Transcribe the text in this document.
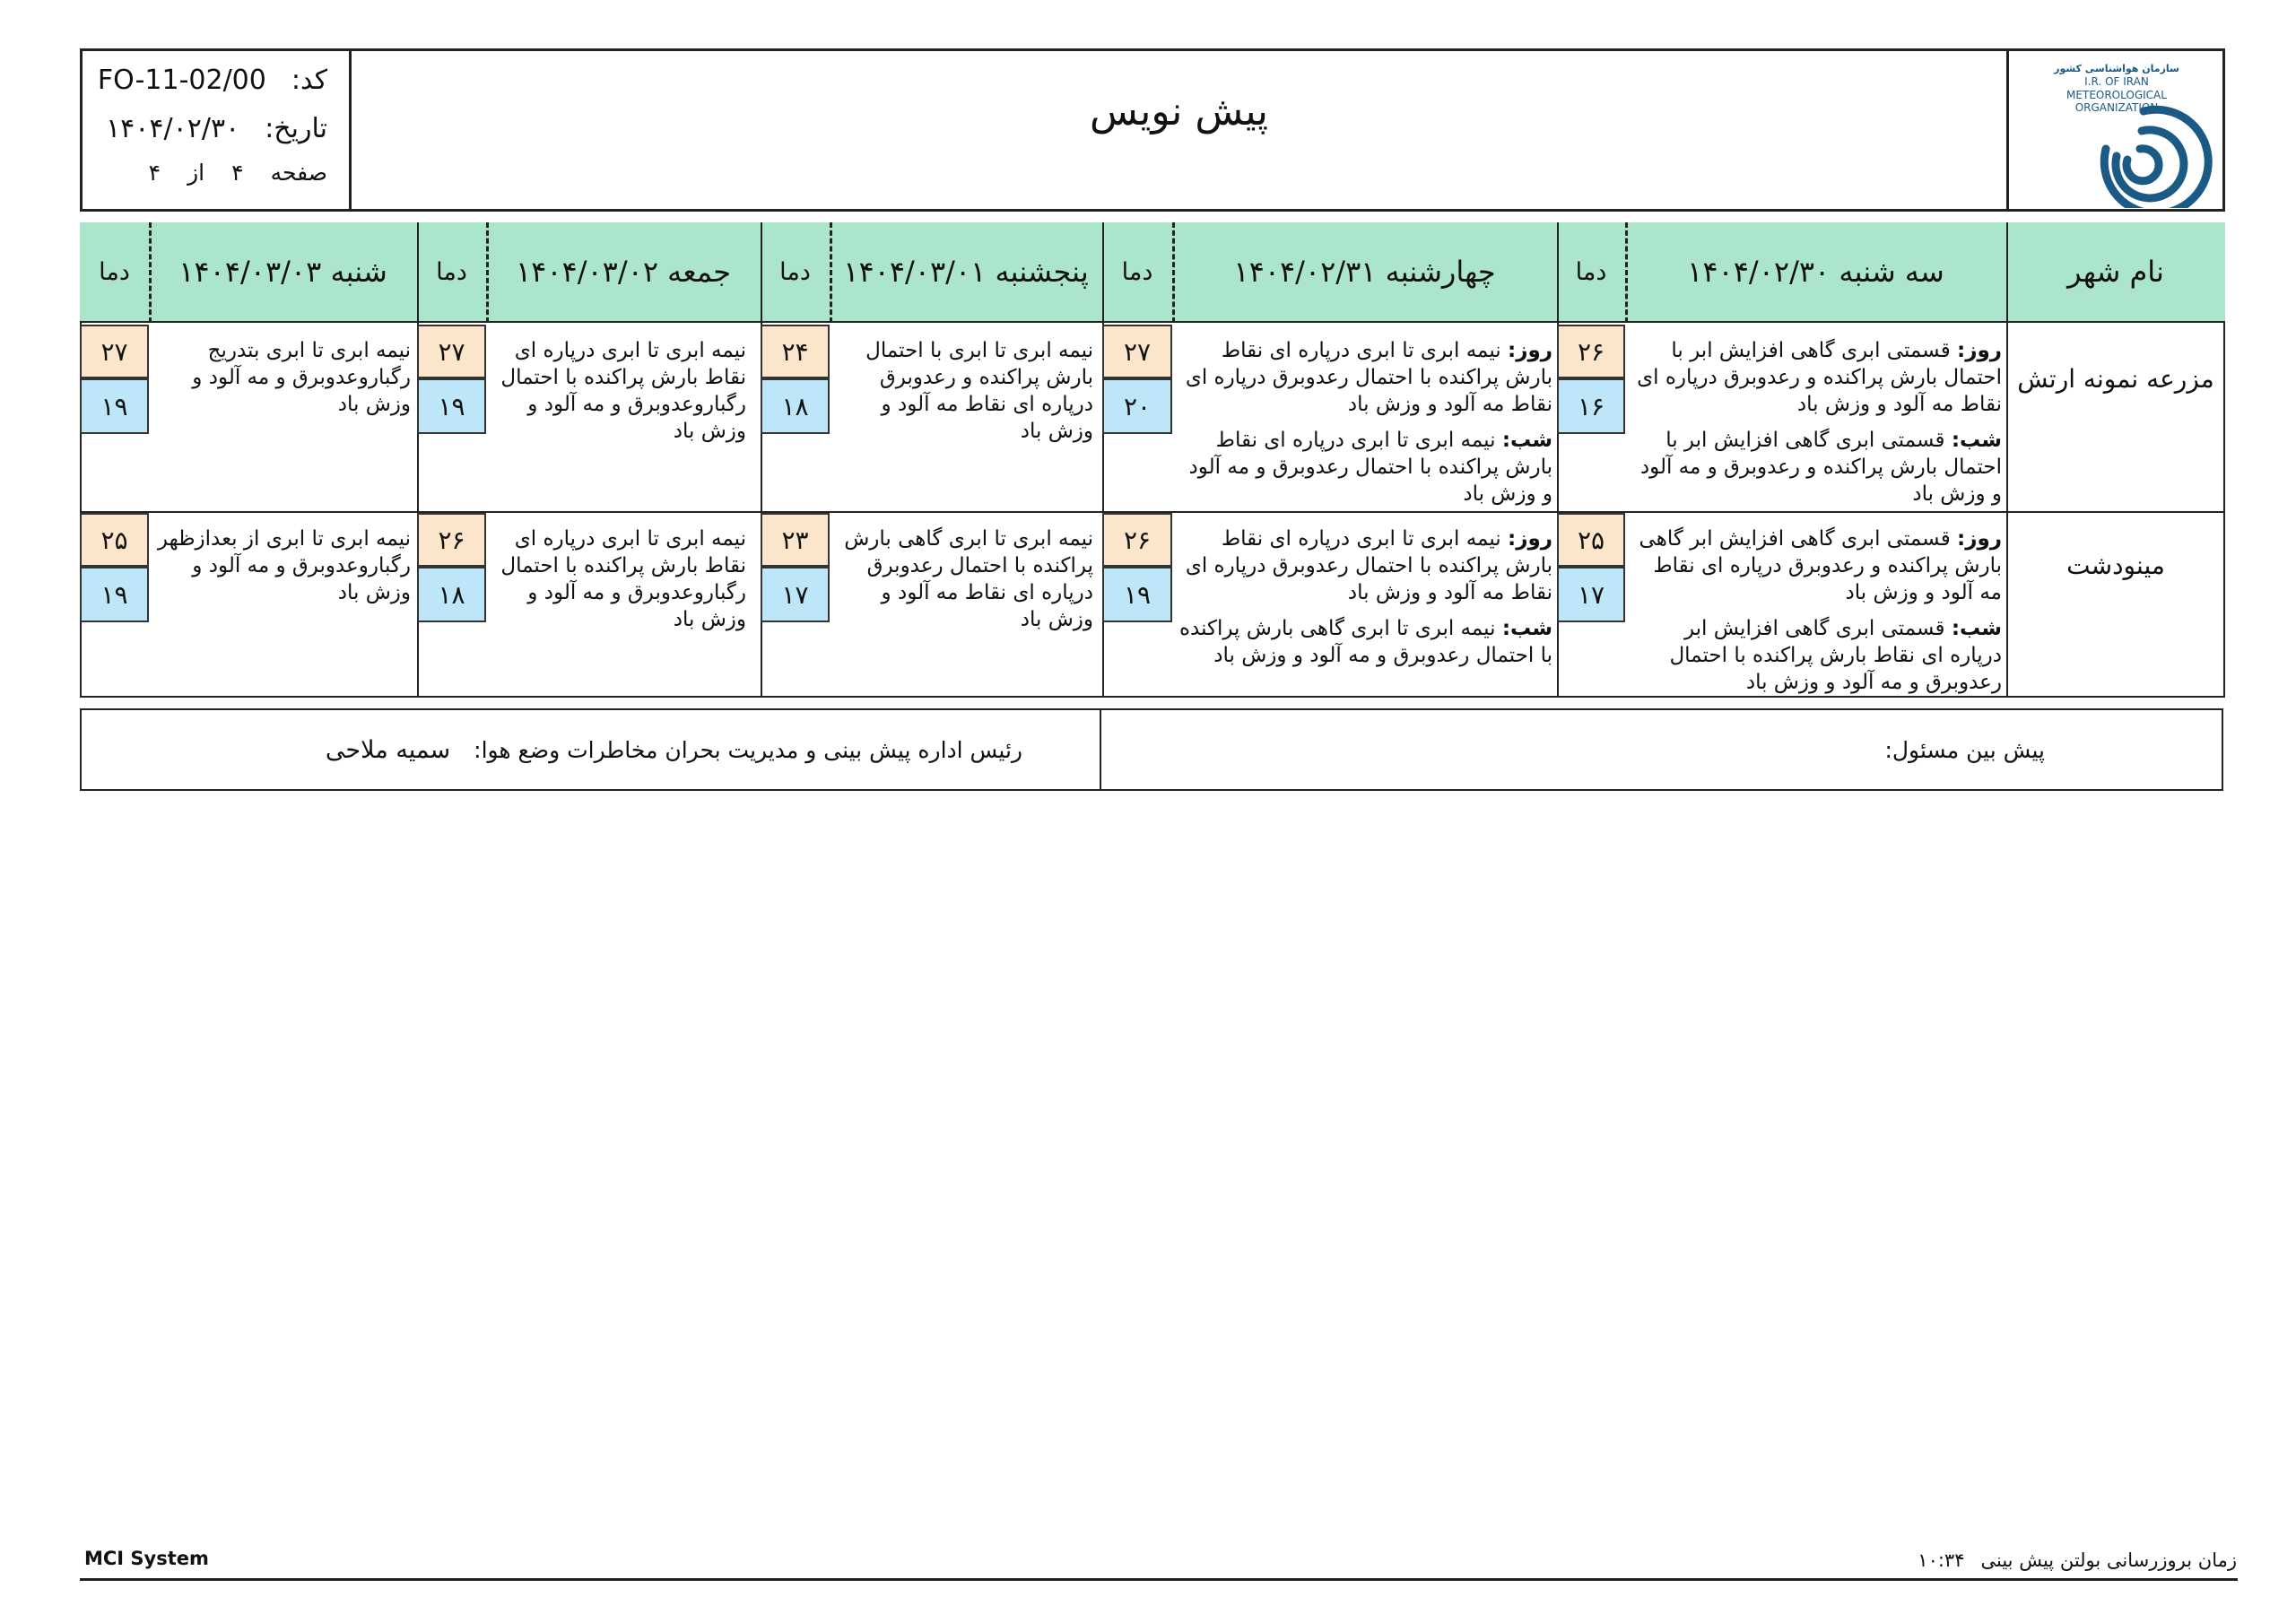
سازمان هواشناسی کشور
I.R. OF IRAN
METEOROLOGICAL
ORGANIZATION
کد:
FO-11-02/00
تاریخ:
۱۴۰۴/۰۲/۳۰
صفحه
۴
از
۴
پیش نویس
نام شهر
سه شنبه ۱۴۰۴/۰۲/۳۰
دما
چهارشنبه ۱۴۰۴/۰۲/۳۱
دما
پنجشنبه ۱۴۰۴/۰۳/۰۱
دما
جمعه ۱۴۰۴/۰۳/۰۲
دما
شنبه ۱۴۰۴/۰۳/۰۳
دما
مزرعه نمونه ارتش
روز: قسمتی ابری گاهی افزایش ابر با احتمال بارش پراکنده و رعدوبرق درپاره ای نقاط مه آلود و وزش باد
شب: قسمتی ابری گاهی افزایش ابر با احتمال بارش پراکنده و رعدوبرق و مه آلود و وزش باد
۲۶
۱۶
روز: نیمه ابری تا ابری درپاره ای نقاط بارش پراکنده با احتمال رعدوبرق درپاره ای نقاط مه آلود و وزش باد
شب: نیمه ابری تا ابری درپاره ای نقاط بارش پراکنده با احتمال رعدوبرق و مه آلود و وزش باد
۲۷
۲۰
نیمه ابری تا ابری با احتمال بارش پراکنده و رعدوبرق درپاره ای نقاط مه آلود و وزش باد
۲۴
۱۸
نیمه ابری تا ابری درپاره ای نقاط بارش پراکنده با احتمال رگباروعدوبرق و مه آلود و وزش باد
۲۷
۱۹
نیمه ابری تا ابری بتدریج رگباروعدوبرق و مه آلود و وزش باد
۲۷
۱۹
مینودشت
روز: قسمتی ابری گاهی افزایش ابر گاهی بارش پراکنده و رعدوبرق درپاره ای نقاط مه آلود و وزش باد
شب: قسمتی ابری گاهی افزایش ابر درپاره ای نقاط بارش پراکنده با احتمال رعدوبرق و مه آلود و وزش باد
۲۵
۱۷
روز: نیمه ابری تا ابری درپاره ای نقاط بارش پراکنده با احتمال رعدوبرق درپاره ای نقاط مه آلود و وزش باد
شب: نیمه ابری تا ابری گاهی بارش پراکنده با احتمال رعدوبرق و مه آلود و وزش باد
۲۶
۱۹
نیمه ابری تا ابری گاهی بارش پراکنده با احتمال رعدوبرق درپاره ای نقاط مه آلود و وزش باد
۲۳
۱۷
نیمه ابری تا ابری درپاره ای نقاط بارش پراکنده با احتمال رگباروعدوبرق و مه آلود و وزش باد
۲۶
۱۸
نیمه ابری تا ابری از بعدازظهر رگباروعدوبرق و مه آلود و وزش باد
۲۵
۱۹
پیش بین مسئول:
رئیس اداره پیش بینی و مدیریت بحران مخاطرات وضع هوا:
سمیه ملاحی
MCI System	زمان بروزرسانی بولتن پیش بینی
۱۰:۳۴
